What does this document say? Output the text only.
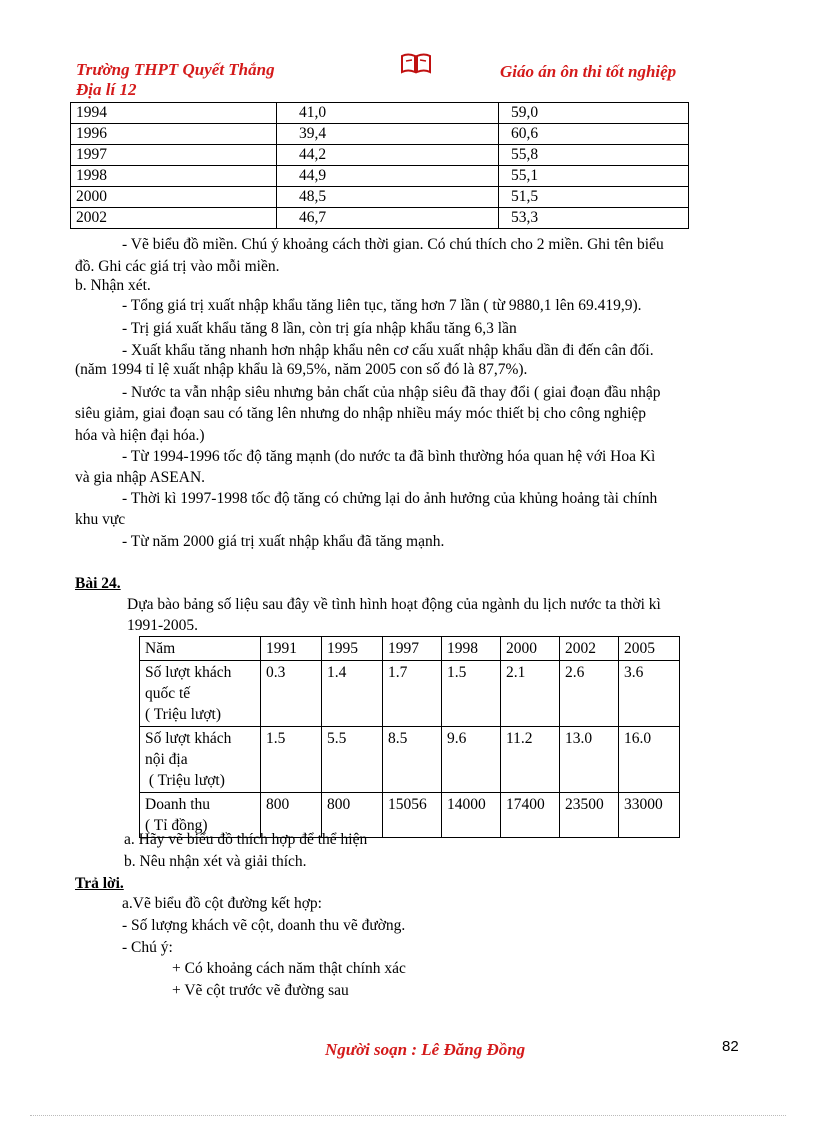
Trường THPT Quyết Thắng
Địa lí 12
Giáo án ôn thi tốt nghiệp
1994	41,0	59,0
1996	39,4	60,6
1997	44,2	55,8
1998	44,9	55,1
2000	48,5	51,5
2002	46,7	53,3
- Vẽ biểu đồ miền. Chú ý khoảng cách thời gian. Có chú thích cho 2 miền. Ghi tên biểu
đồ. Ghi các giá trị vào mỗi miền.
b. Nhận xét.
- Tổng giá trị xuất nhập khẩu tăng liên tục, tăng hơn 7 lần ( từ 9880,1 lên 69.419,9).
- Trị giá xuất khẩu tăng 8 lần, còn trị gía nhập khẩu tăng 6,3 lần
- Xuất khẩu tăng nhanh hơn nhập khẩu nên cơ cấu xuất nhập khẩu dần đi đến cân đối.
(năm 1994 tỉ lệ xuất nhập khẩu là 69,5%, năm 2005 con số đó là 87,7%).
- Nước ta vẫn nhập siêu nhưng bản chất của nhập siêu đã thay đổi ( giai đoạn đầu nhập
siêu giảm, giai đoạn sau có tăng lên nhưng do nhập nhiều máy móc thiết bị cho công nghiệp
hóa và hiện đại hóa.)
- Từ 1994-1996 tốc độ tăng mạnh (do nước ta đã bình thường hóa quan hệ với Hoa Kì
và gia nhập ASEAN.
- Thời kì 1997-1998 tốc độ tăng có chửng lại do ảnh hưởng của khủng hoảng tài chính
khu vực
- Từ năm 2000 giá trị xuất nhập khẩu đã tăng mạnh.
Bài 24.
Dựa bào bảng số liệu sau đây về tình hình hoạt động của ngành du lịch nước ta thời kì
1991-2005.
Năm	1991	1995	1997	1998	2000	2002	2005

Số lượt khách
quốc tế
( Triệu lượt)	0.3	1.4	1.7	1.5	2.1	2.6	3.6

Số lượt khách
nội địa
( Triệu lượt)	1.5	5.5	8.5	9.6	11.2	13.0	16.0

Doanh thu
( Tỉ đồng)	800	800	15056	14000	17400	23500	33000
a. Hãy vẽ biểu đồ thích hợp để thể hiện
b. Nêu nhận xét và giải thích.
Trả lời.
a.Vẽ biểu đồ cột đường kết hợp:
- Số lượng khách vẽ cột, doanh thu vẽ đường.
- Chú ý:
+ Có khoảng cách năm thật chính xác
+ Vẽ cột trước vẽ đường sau
Người soạn : Lê Đăng Đồng	82
